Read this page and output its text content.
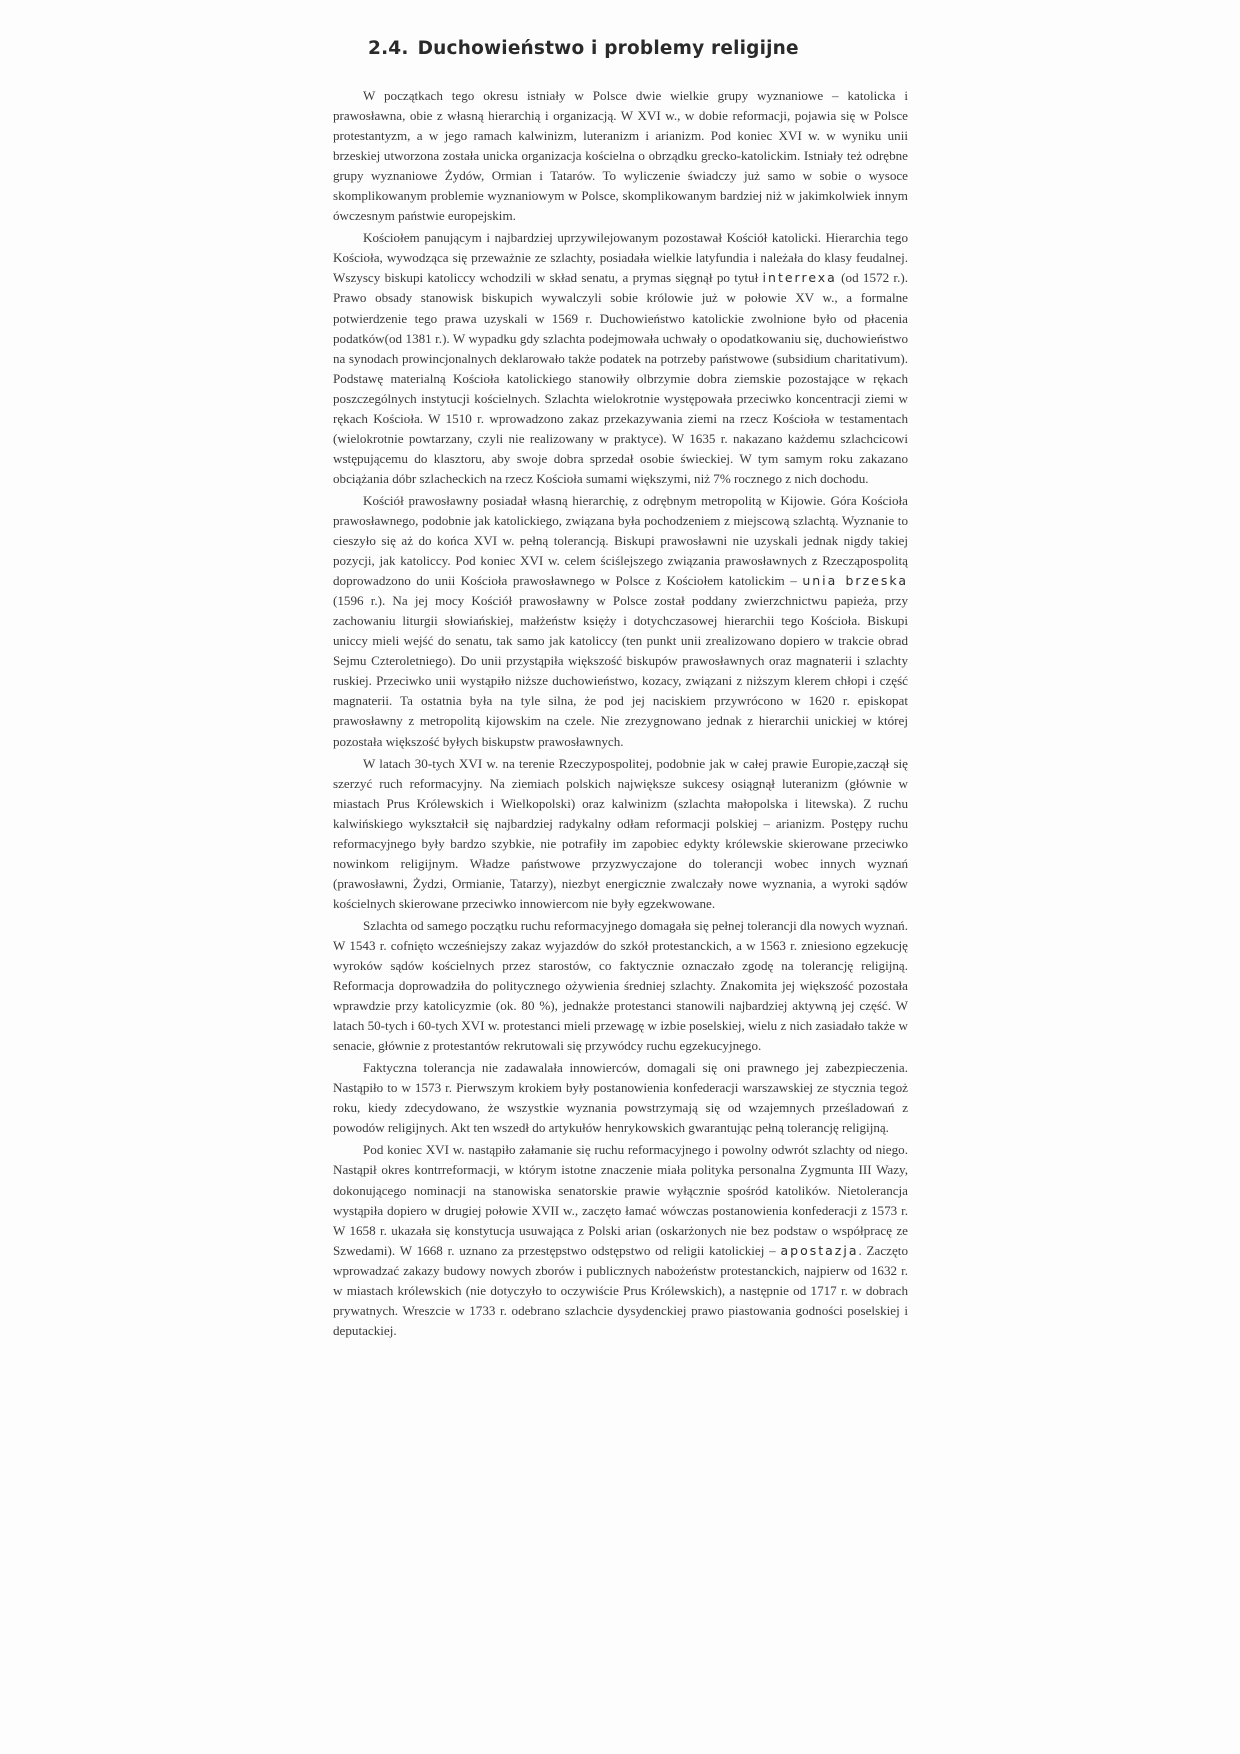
2.4. Duchowieństwo i problemy religijne

W początkach tego okresu istniały w Polsce dwie wielkie grupy wyznaniowe – katolicka i prawosławna, obie z własną hierarchią i organizacją. W XVI w., w dobie reformacji, pojawia się w Polsce protestantyzm, a w jego ramach kalwinizm, luteranizm i arianizm. Pod koniec XVI w. w wyniku unii brzeskiej utworzona została unicka organizacja kościelna o obrządku grecko-katolickim. Istniały też odrębne grupy wyznaniowe Żydów, Ormian i Tatarów. To wyliczenie świadczy już samo w sobie o wysoce skomplikowanym problemie wyznaniowym w Polsce, skomplikowanym bardziej niż w jakimkolwiek innym ówczesnym państwie europejskim.

Kościołem panującym i najbardziej uprzywilejowanym pozostawał Kościół katolicki. Hierarchia tego Kościoła, wywodząca się przeważnie ze szlachty, posiadała wielkie latyfundia i należała do klasy feudalnej. Wszyscy biskupi katoliccy wchodzili w skład senatu, a prymas sięgnął po tytuł interrexa (od 1572 r.). Prawo obsady stanowisk biskupich wywalczyli sobie królowie już w połowie XV w., a formalne potwierdzenie tego prawa uzyskali w 1569 r. Duchowieństwo katolickie zwolnione było od płacenia podatków(od 1381 r.). W wypadku gdy szlachta podejmowała uchwały o opodatkowaniu się, duchowieństwo na synodach prowincjonalnych deklarowało także podatek na potrzeby państwowe (subsidium charitativum). Podstawę materialną Kościoła katolickiego stanowiły olbrzymie dobra ziemskie pozostające w rękach poszczególnych instytucji kościelnych. Szlachta wielokrotnie występowała przeciwko koncentracji ziemi w rękach Kościoła. W 1510 r. wprowadzono zakaz przekazywania ziemi na rzecz Kościoła w testamentach (wielokrotnie powtarzany, czyli nie realizowany w praktyce). W 1635 r. nakazano każdemu szlachcicowi wstępującemu do klasztoru, aby swoje dobra sprzedał osobie świeckiej. W tym samym roku zakazano obciążania dóbr szlacheckich na rzecz Kościoła sumami większymi, niż 7% rocznego z nich dochodu.

Kościół prawosławny posiadał własną hierarchię, z odrębnym metropolitą w Kijowie. Góra Kościoła prawosławnego, podobnie jak katolickiego, związana była pochodzeniem z miejscową szlachtą. Wyznanie to cieszyło się aż do końca XVI w. pełną tolerancją. Biskupi prawosławni nie uzyskali jednak nigdy takiej pozycji, jak katoliccy. Pod koniec XVI w. celem ściślejszego związania prawosławnych z Rzecząpospolitą doprowadzono do unii Kościoła prawosławnego w Polsce z Kościołem katolickim – unia brzeska (1596 r.). Na jej mocy Kościół prawosławny w Polsce został poddany zwierzchnictwu papieża, przy zachowaniu liturgii słowiańskiej, małżeństw księży i dotychczasowej hierarchii tego Kościoła. Biskupi uniccy mieli wejść do senatu, tak samo jak katoliccy (ten punkt unii zrealizowano dopiero w trakcie obrad Sejmu Czteroletniego). Do unii przystąpiła większość biskupów prawosławnych oraz magnaterii i szlachty ruskiej. Przeciwko unii wystąpiło niższe duchowieństwo, kozacy, związani z niższym klerem chłopi i część magnaterii. Ta ostatnia była na tyle silna, że pod jej naciskiem przywrócono w 1620 r. episkopat prawosławny z metropolitą kijowskim na czele. Nie zrezygnowano jednak z hierarchii unickiej w której pozostała większość byłych biskupstw prawosławnych.

W latach 30-tych XVI w. na terenie Rzeczypospolitej, podobnie jak w całej prawie Europie,zaczął się szerzyć ruch reformacyjny. Na ziemiach polskich największe sukcesy osiągnął luteranizm (głównie w miastach Prus Królewskich i Wielkopolski) oraz kalwinizm (szlachta małopolska i litewska). Z ruchu kalwińskiego wykształcił się najbardziej radykalny odłam reformacji polskiej – arianizm. Postępy ruchu reformacyjnego były bardzo szybkie, nie potrafiły im zapobiec edykty królewskie skierowane przeciwko nowinkom religijnym. Władze państwowe przyzwyczajone do tolerancji wobec innych wyznań (prawosławni, Żydzi, Ormianie, Tatarzy), niezbyt energicznie zwalczały nowe wyznania, a wyroki sądów kościelnych skierowane przeciwko innowiercom nie były egzekwowane.

Szlachta od samego początku ruchu reformacyjnego domagała się pełnej tolerancji dla nowych wyznań. W 1543 r. cofnięto wcześniejszy zakaz wyjazdów do szkół protestanckich, a w 1563 r. zniesiono egzekucję wyroków sądów kościelnych przez starostów, co faktycznie oznaczało zgodę na tolerancję religijną. Reformacja doprowadziła do politycznego ożywienia średniej szlachty. Znakomita jej większość pozostała wprawdzie przy katolicyzmie (ok. 80 %), jednakże protestanci stanowili najbardziej aktywną jej część. W latach 50-tych i 60-tych XVI w. protestanci mieli przewagę w izbie poselskiej, wielu z nich zasiadało także w senacie, głównie z protestantów rekrutowali się przywódcy ruchu egzekucyjnego.

Faktyczna tolerancja nie zadawalała innowierców, domagali się oni prawnego jej zabezpieczenia. Nastąpiło to w 1573 r. Pierwszym krokiem były postanowienia konfederacji warszawskiej ze stycznia tegoż roku, kiedy zdecydowano, że wszystkie wyznania powstrzymają się od wzajemnych prześladowań z powodów religijnych. Akt ten wszedł do artykułów henrykowskich gwarantując pełną tolerancję religijną.

Pod koniec XVI w. nastąpiło załamanie się ruchu reformacyjnego i powolny odwrót szlachty od niego. Nastąpił okres kontrreformacji, w którym istotne znaczenie miała polityka personalna Zygmunta III Wazy, dokonującego nominacji na stanowiska senatorskie prawie wyłącznie spośród katolików. Nietolerancja wystąpiła dopiero w drugiej połowie XVII w., zaczęto łamać wówczas postanowienia konfederacji z 1573 r. W 1658 r. ukazała się konstytucja usuwająca z Polski arian (oskarżonych nie bez podstaw o współpracę ze Szwedami). W 1668 r. uznano za przestępstwo odstępstwo od religii katolickiej – apostazja. Zaczęto wprowadzać zakazy budowy nowych zborów i publicznych nabożeństw protestanckich, najpierw od 1632 r. w miastach królewskich (nie dotyczyło to oczywiście Prus Królewskich), a następnie od 1717 r. w dobrach prywatnych. Wreszcie w 1733 r. odebrano szlachcie dysydenckiej prawo piastowania godności poselskiej i deputackiej.
